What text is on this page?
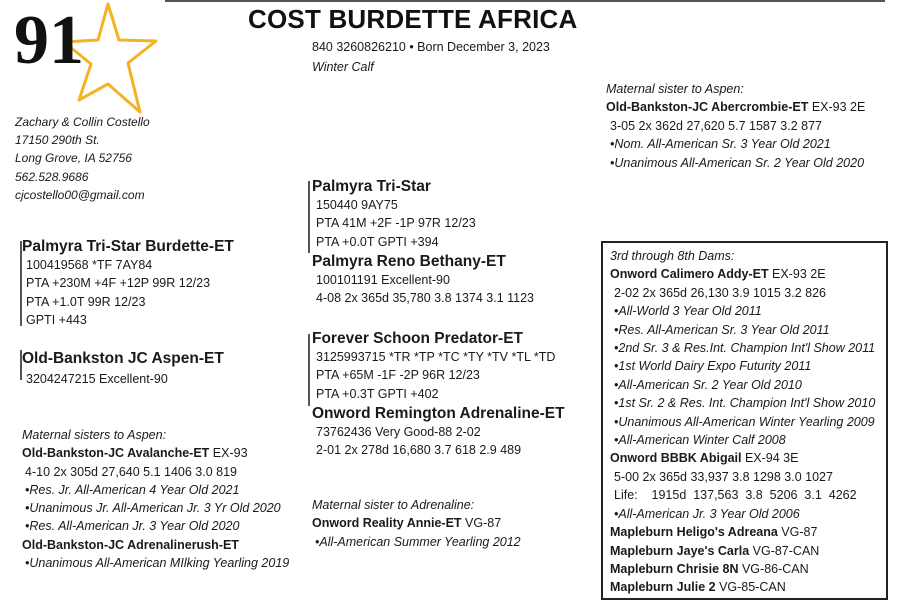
91	COST BURDETTE AFRICA
840 3260826210 • Born December 3, 2023
Winter Calf
Zachary & Collin Costello
17150 290th St.
Long Grove, IA 52756
562.528.9686
cjcostello00@gmail.com
Palmyra Tri-Star Burdette-ET
100419568 *TF 7AY84
PTA +230M +4F +12P 99R 12/23
PTA +1.0T 99R 12/23
GPTI +443
Old-Bankston JC Aspen-ET
3204247215 Excellent-90
Maternal sisters to Aspen:
Old-Bankston-JC Avalanche-ET EX-93
4-10 2x 305d 27,640 5.1 1406 3.0 819
•Res. Jr. All-American 4 Year Old 2021
•Unanimous Jr. All-American Jr. 3 Yr Old 2020
•Res. All-American Jr. 3 Year Old 2020
Old-Bankston-JC Adrenalinerush-ET
•Unanimous All-American MIlking Yearling 2019
Palmyra Tri-Star
150440 9AY75
PTA 41M +2F -1P 97R 12/23
PTA +0.0T GPTI +394
Palmyra Reno Bethany-ET
100101191 Excellent-90
4-08 2x 365d 35,780 3.8 1374 3.1 1123
Forever Schoon Predator-ET
3125993715 *TR *TP *TC *TY *TV *TL *TD
PTA +65M -1F -2P 96R 12/23
PTA +0.3T GPTI +402
Onword Remington Adrenaline-ET
73762436 Very Good-88 2-02
2-01 2x 278d 16,680 3.7 618 2.9 489
Maternal sister to Adrenaline:
Onword Reality Annie-ET VG-87
•All-American Summer Yearling 2012
Maternal sister to Aspen:
Old-Bankston-JC Abercrombie-ET EX-93 2E
3-05 2x 362d 27,620 5.7 1587 3.2 877
•Nom. All-American Sr. 3 Year Old 2021
•Unanimous All-American Sr. 2 Year Old 2020
3rd through 8th Dams:
Onword Calimero Addy-ET EX-93 2E
2-02 2x 365d 26,130 3.9 1015 3.2 826
•All-World 3 Year Old 2011
•Res. All-American Sr. 3 Year Old 2011
•2nd Sr. 3 & Res.Int. Champion Int'l Show 2011
•1st World Dairy Expo Futurity 2011
•All-American Sr. 2 Year Old 2010
•1st Sr. 2 & Res. Int. Champion Int'l Show 2010
•Unanimous All-American Winter Yearling 2009
•All-American Winter Calf 2008
Onword BBBK Abigail EX-94 3E
5-00 2x 365d 33,937 3.8 1298 3.0 1027
Life:    1915d  137,563  3.8  5206  3.1  4262
•All-American Jr. 3 Year Old 2006
Mapleburn Heligo's Adreana VG-87
Mapleburn Jaye's Carla VG-87-CAN
Mapleburn Chrisie 8N VG-86-CAN
Mapleburn Julie 2 VG-85-CAN
